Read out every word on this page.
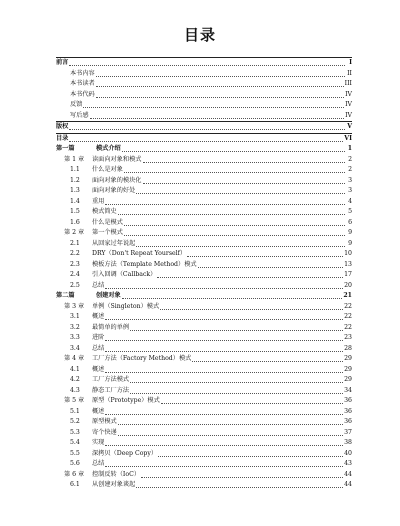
目录
前言	I
本书内容	II
本书读者	III
本书代码	IV
反馈	IV
写后感	IV
版权	V
目录	VI
第一篇	模式介绍	1
第 1 章	读面向对象和模式	2
1.1	什么是对象	2
1.2	面向对象的模块化	3
1.3	面向对象的好处	3
1.4	重用	4
1.5	模式简史	5
1.6	什么是模式	6
第 2 章	第一个模式	9
2.1	从回家过年说起	9
2.2	DRY（Don't Repeat Yourself）	10
2.3	模板方法（Template Method）模式	13
2.4	引入回调（Callback）	17
2.5	总结	20
第二篇	创建对象	21
第 3 章	单例（Singleton）模式	22
3.1	概述	22
3.2	最简单的单例	22
3.3	进阶	23
3.4	总结	28
第 4 章	工厂方法（Factory Method）模式	29
4.1	概述	29
4.2	工厂方法模式	29
4.3	静态工厂方法	34
第 5 章	原型（Prototype）模式	36
5.1	概述	36
5.2	原型模式	36
5.3	寄个快递	37
5.4	实现	38
5.5	深拷贝（Deep Copy）	40
5.6	总结	43
第 6 章	控制反转（IoC）	44
6.1	从创建对象谈起	44
